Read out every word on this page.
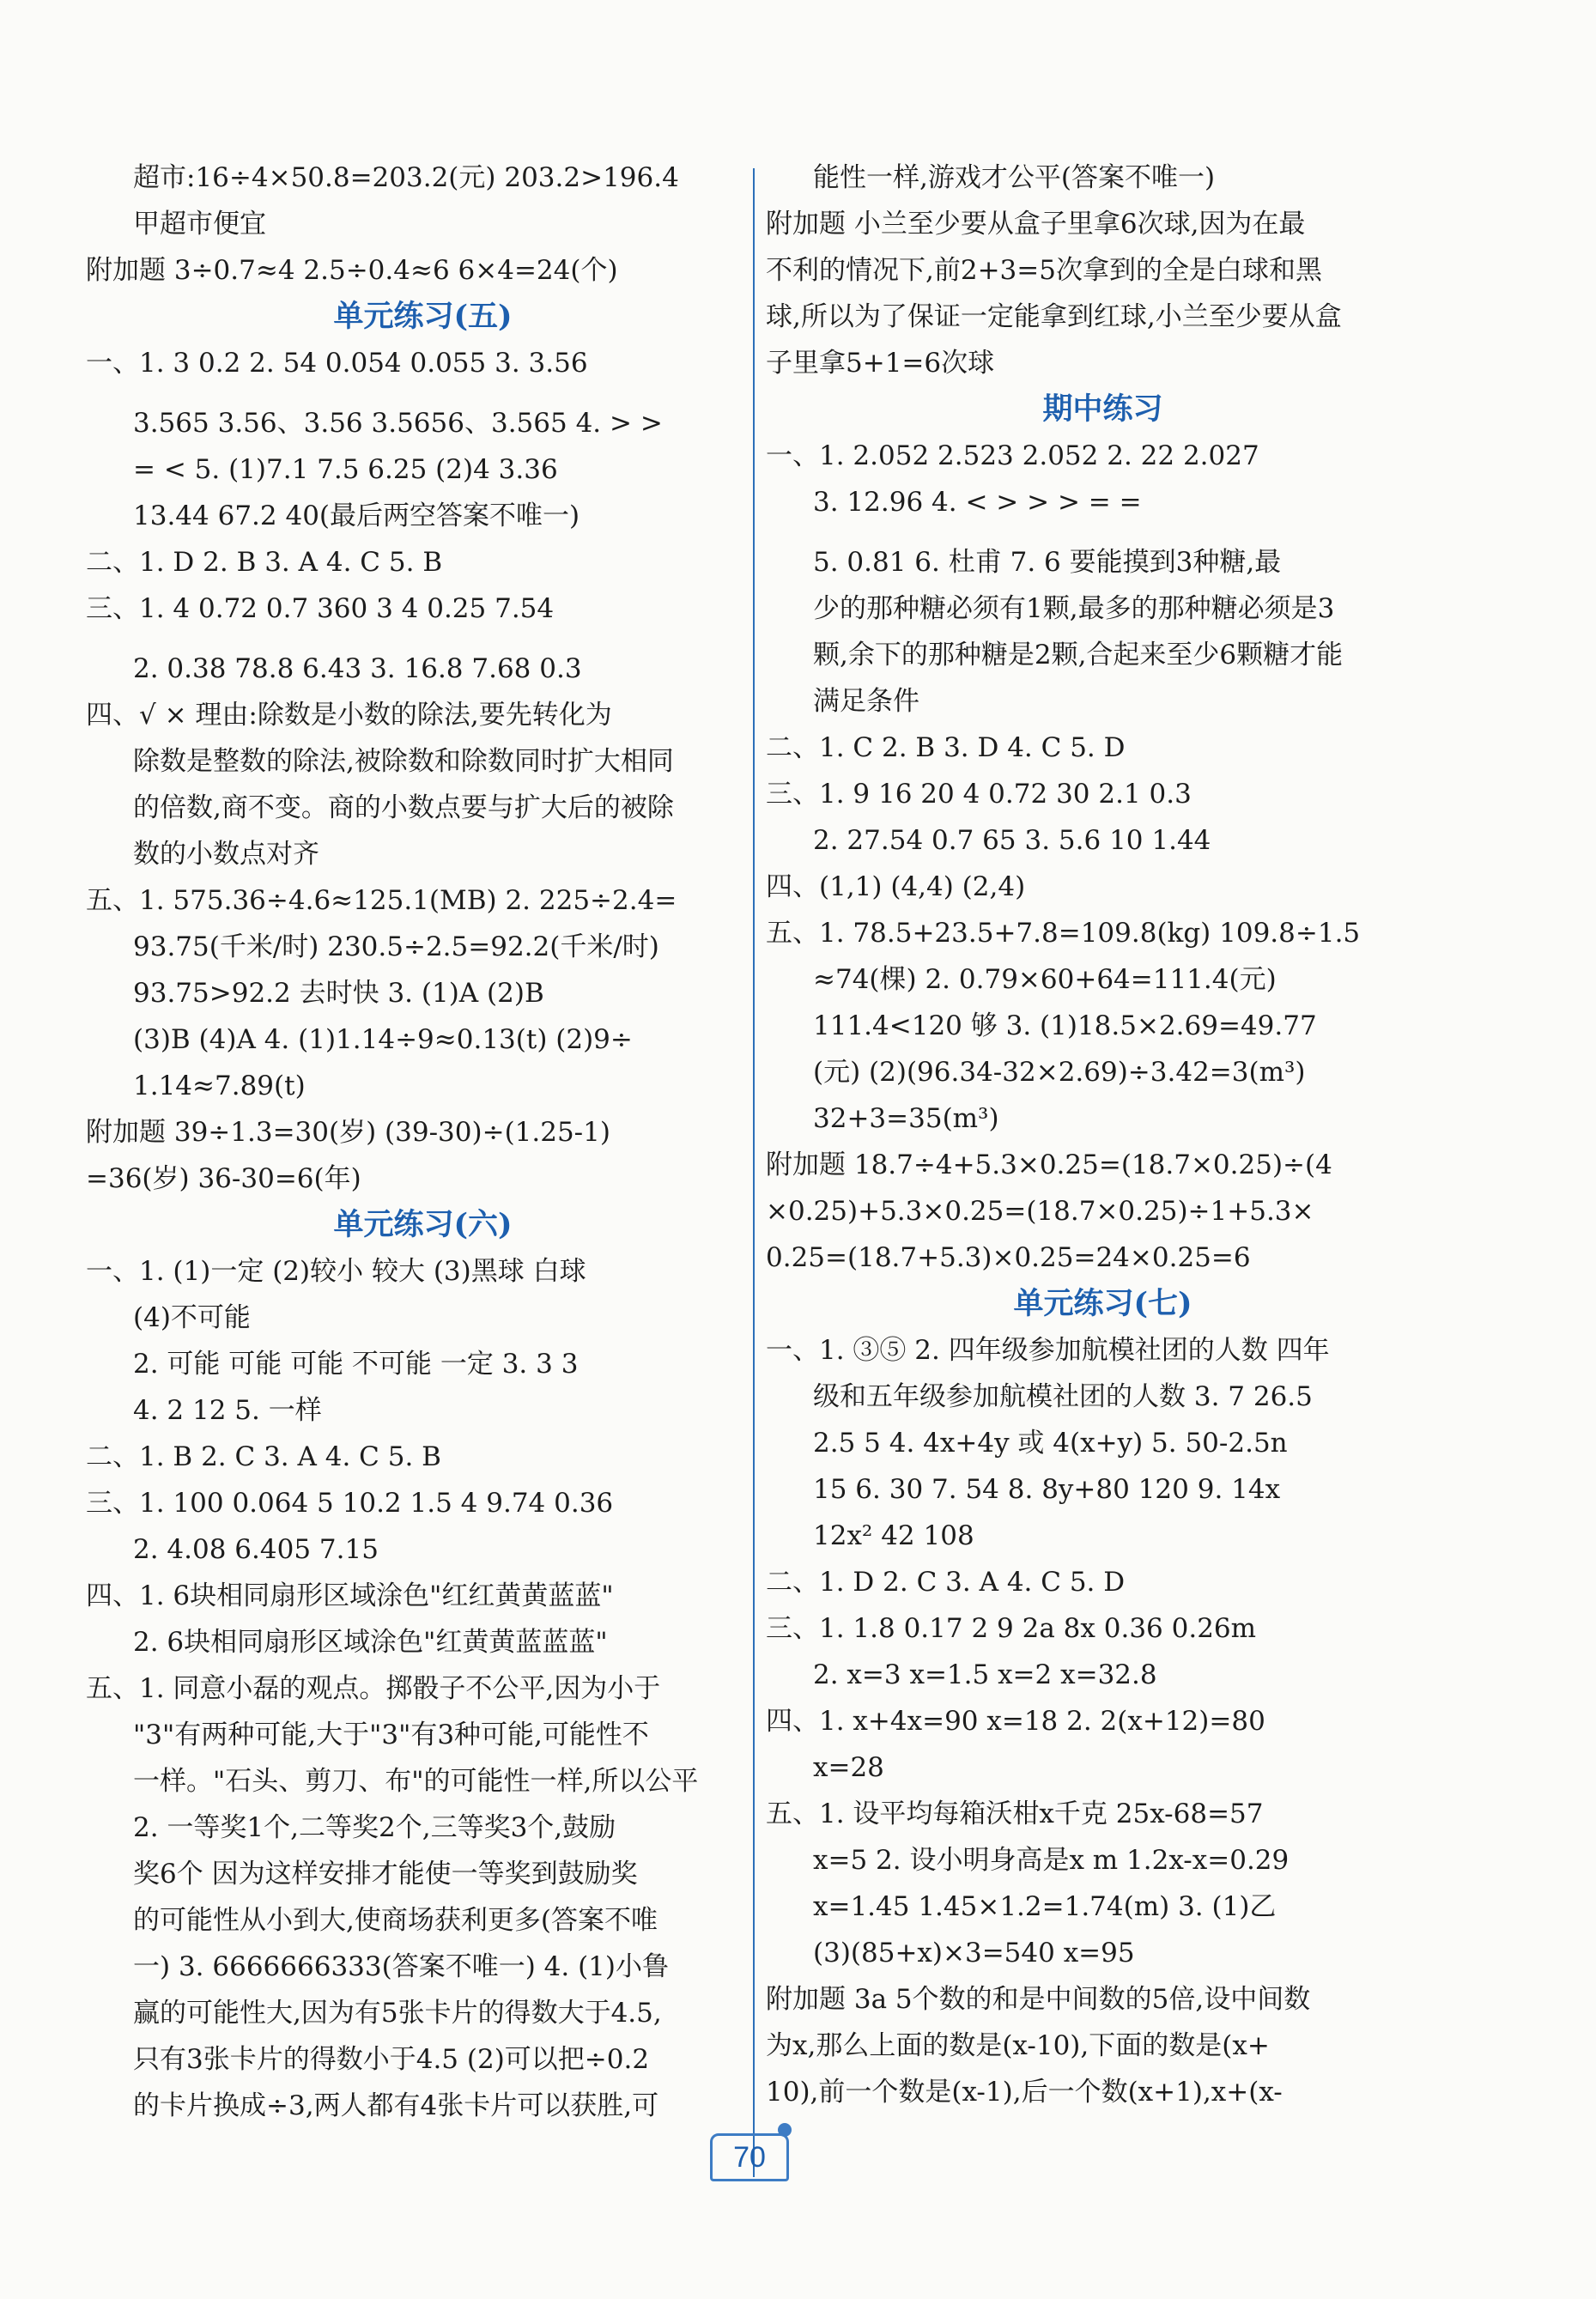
超市:16÷4×50.8=203.2(元) 203.2>196.4
甲超市便宜
附加题 3÷0.7≈4 2.5÷0.4≈6 6×4=24(个)
单元练习(五)
一、1. 3 0.2 2. 54 0.054 0.055 3. 3.56
3.565 3.56、3.56 3.5656、3.565 4. > >
= < 5. (1)7.1 7.5 6.25 (2)4 3.36
13.44 67.2 40(最后两空答案不唯一)
二、1. D 2. B 3. A 4. C 5. B
三、1. 4 0.72 0.7 360 3 4 0.25 7.54
2. 0.38 78.8 6.43 3. 16.8 7.68 0.3
四、√ × 理由:除数是小数的除法,要先转化为
除数是整数的除法,被除数和除数同时扩大相同
的倍数,商不变。商的小数点要与扩大后的被除
数的小数点对齐
五、1. 575.36÷4.6≈125.1(MB) 2. 225÷2.4=
93.75(千米/时) 230.5÷2.5=92.2(千米/时)
93.75>92.2 去时快 3. (1)A (2)B
(3)B (4)A 4. (1)1.14÷9≈0.13(t) (2)9÷
1.14≈7.89(t)
附加题 39÷1.3=30(岁) (39-30)÷(1.25-1)
=36(岁) 36-30=6(年)
单元练习(六)
一、1. (1)一定 (2)较小 较大 (3)黑球 白球
(4)不可能
2. 可能 可能 可能 不可能 一定 3. 3 3
4. 2 12 5. 一样
二、1. B 2. C 3. A 4. C 5. B
三、1. 100 0.064 5 10.2 1.5 4 9.74 0.36
2. 4.08 6.405 7.15
四、1. 6块相同扇形区域涂色"红红黄黄蓝蓝"
2. 6块相同扇形区域涂色"红黄黄蓝蓝蓝"
五、1. 同意小磊的观点。掷骰子不公平,因为小于
"3"有两种可能,大于"3"有3种可能,可能性不
一样。"石头、剪刀、布"的可能性一样,所以公平
2. 一等奖1个,二等奖2个,三等奖3个,鼓励
奖6个 因为这样安排才能使一等奖到鼓励奖
的可能性从小到大,使商场获利更多(答案不唯
一) 3. 6666666333(答案不唯一) 4. (1)小鲁
赢的可能性大,因为有5张卡片的得数大于4.5,
只有3张卡片的得数小于4.5 (2)可以把÷0.2
的卡片换成÷3,两人都有4张卡片可以获胜,可
能性一样,游戏才公平(答案不唯一)
附加题 小兰至少要从盒子里拿6次球,因为在最
不利的情况下,前2+3=5次拿到的全是白球和黑
球,所以为了保证一定能拿到红球,小兰至少要从盒
子里拿5+1=6次球
期中练习
一、1. 2.052 2.523 2.052 2. 22 2.027
3. 12.96 4. < > > > = =
5. 0.81 6. 杜甫 7. 6 要能摸到3种糖,最
少的那种糖必须有1颗,最多的那种糖必须是3
颗,余下的那种糖是2颗,合起来至少6颗糖才能
满足条件
二、1. C 2. B 3. D 4. C 5. D
三、1. 9 16 20 4 0.72 30 2.1 0.3
2. 27.54 0.7 65 3. 5.6 10 1.44
四、(1,1) (4,4) (2,4)
五、1. 78.5+23.5+7.8=109.8(kg) 109.8÷1.5
≈74(棵) 2. 0.79×60+64=111.4(元)
111.4<120 够 3. (1)18.5×2.69=49.77
(元) (2)(96.34-32×2.69)÷3.42=3(m³)
32+3=35(m³)
附加题 18.7÷4+5.3×0.25=(18.7×0.25)÷(4
×0.25)+5.3×0.25=(18.7×0.25)÷1+5.3×
0.25=(18.7+5.3)×0.25=24×0.25=6
单元练习(七)
一、1. ③⑤ 2. 四年级参加航模社团的人数 四年
级和五年级参加航模社团的人数 3. 7 26.5
2.5 5 4. 4x+4y 或 4(x+y) 5. 50-2.5n
15 6. 30 7. 54 8. 8y+80 120 9. 14x
12x² 42 108
二、1. D 2. C 3. A 4. C 5. D
三、1. 1.8 0.17 2 9 2a 8x 0.36 0.26m
2. x=3 x=1.5 x=2 x=32.8
四、1. x+4x=90 x=18 2. 2(x+12)=80
x=28
五、1. 设平均每箱沃柑x千克 25x-68=57
x=5 2. 设小明身高是x m 1.2x-x=0.29
x=1.45 1.45×1.2=1.74(m) 3. (1)乙
(3)(85+x)×3=540 x=95
附加题 3a 5个数的和是中间数的5倍,设中间数
为x,那么上面的数是(x-10),下面的数是(x+
10),前一个数是(x-1),后一个数(x+1),x+(x-
70
